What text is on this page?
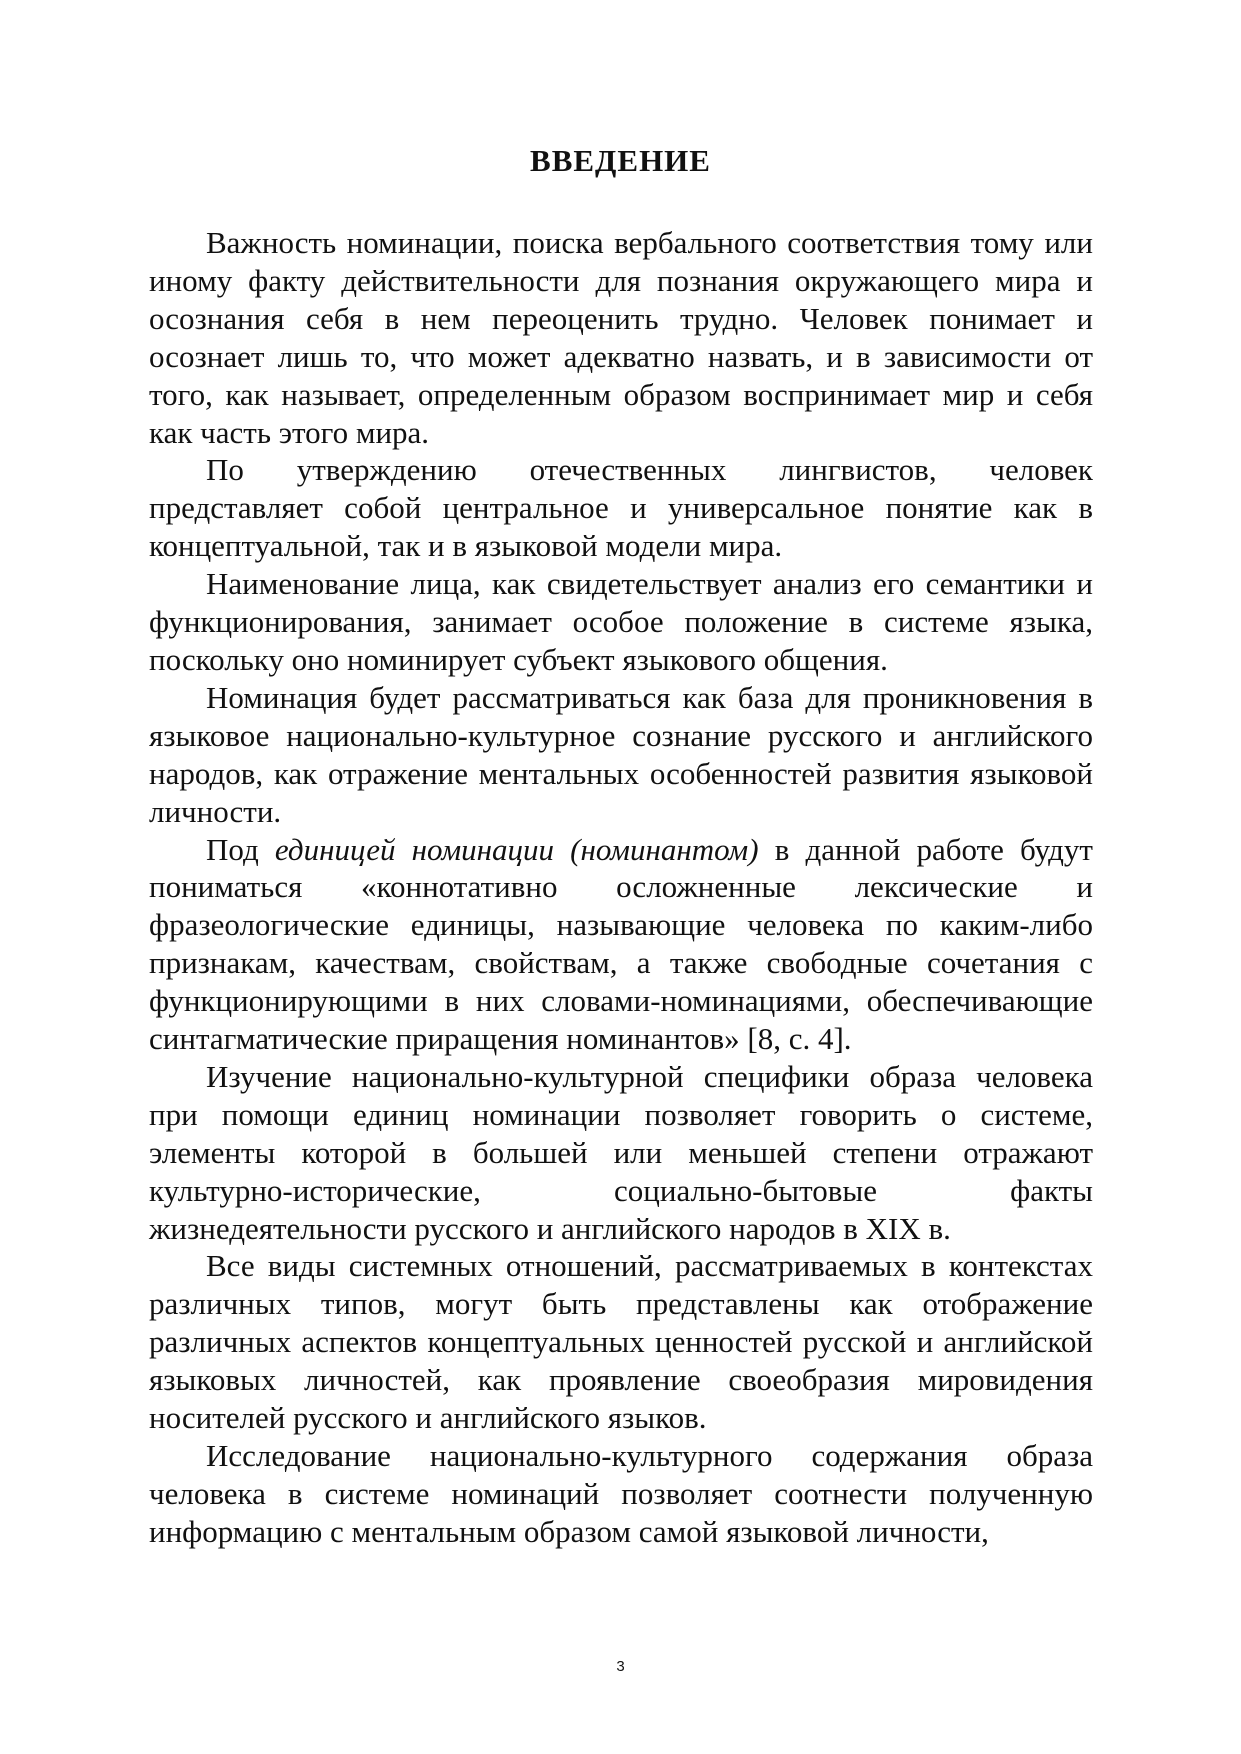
ВВЕДЕНИЕ

Важность номинации, поиска вербального соответствия тому или иному факту действительности для познания окружающего мира и осознания себя в нем переоценить трудно. Человек понимает и осознает лишь то, что может адекватно назвать, и в зависимости от того, как называет, определенным образом воспринимает мир и себя как часть этого мира.

По утверждению отечественных лингвистов, человек представляет собой центральное и универсальное понятие как в концептуальной, так и в языковой модели мира.

Наименование лица, как свидетельствует анализ его семантики и функционирования, занимает особое положение в системе языка, поскольку оно номинирует субъект языкового общения.

Номинация будет рассматриваться как база для проникновения в языковое национально-культурное сознание русского и английского народов, как отражение ментальных особенностей развития языковой личности.

Под единицей номинации (номинантом) в данной работе будут пониматься «коннотативно осложненные лексические и фразеологические единицы, называющие человека по каким-либо признакам, качествам, свойствам, а также свободные сочетания с функционирующими в них словами-номинациями, обеспечивающие синтагматические приращения номинантов» [8, с. 4].

Изучение национально-культурной специфики образа человека при помощи единиц номинации позволяет говорить о системе, элементы которой в большей или меньшей степени отражают культурно-исторические, социально-бытовые факты жизнедеятельности русского и английского народов в XIX в.

Все виды системных отношений, рассматриваемых в контекстах различных типов, могут быть представлены как отображение различных аспектов концептуальных ценностей русской и английской языковых личностей, как проявление своеобразия мировидения носителей русского и английского языков.

Исследование национально-культурного содержания образа человека в системе номинаций позволяет соотнести полученную информацию с ментальным образом самой языковой личности,

3
